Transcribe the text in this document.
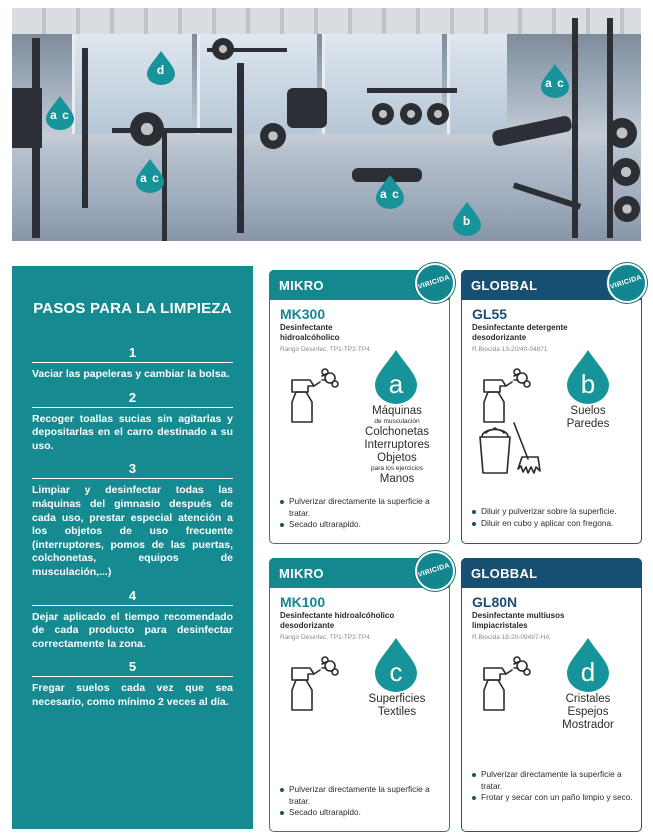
d
a c
a c
a c
a c
b
PASOS PARA LA LIMPIEZA
1
Vaciar las papeleras y cambiar la bolsa.
2
Recoger toallas sucias sin agitarlas y depositarlas en el carro destinado a su uso.
3
Limpiar y desinfectar todas las máquinas del gimnasio después de cada uso, prestar especial atención a los objetos de uso frecuente (interruptores, pomos de las puertas, colchonetas, equipos de musculación,...)
4
Dejar aplicado el tiempo recomendado de cada producto para desinfectar correctamente la zona.
5
Fregar suelos cada vez que sea necesario, como mínimo 2 veces al día.
MIKRO	VIRICIDA
MK300
Desinfectante hidroalcóholico
Rango Desinfec. TP1-TP2-TP4
a
Máquinas
de musculación
Colchonetas
Interruptores
Objetos
para los ejercicios
Manos
Pulverizar directamente la superficie a tratar.
Secado ultrarapido.
GLOBBAL	VIRICIDA
GL55
Desinfectante detergente desodorizante
R.Biocida 13-20/40-04871
b
Suelos
Paredes
Diluir y pulverizar sobre la superficie.
Diluir en cubo y aplicar con fregona.
MIKRO	VIRICIDA
MK100
Desinfectante hidroalcóholico desodorizante
Rango Desinfec. TP1-TP2-TP4
c
Superficies
Textiles
Pulverizar directamente la superficie a tratar.
Secado ultrarapido.
GLOBBAL
GL80N
Desinfectante multiusos limpiacristales
R.Biocida 18-20-09497-HA
d
Cristales
Espejos
Mostrador
Pulverizar directamente la superficie a tratar.
Frotar y secar con un paño limpio y seco.
